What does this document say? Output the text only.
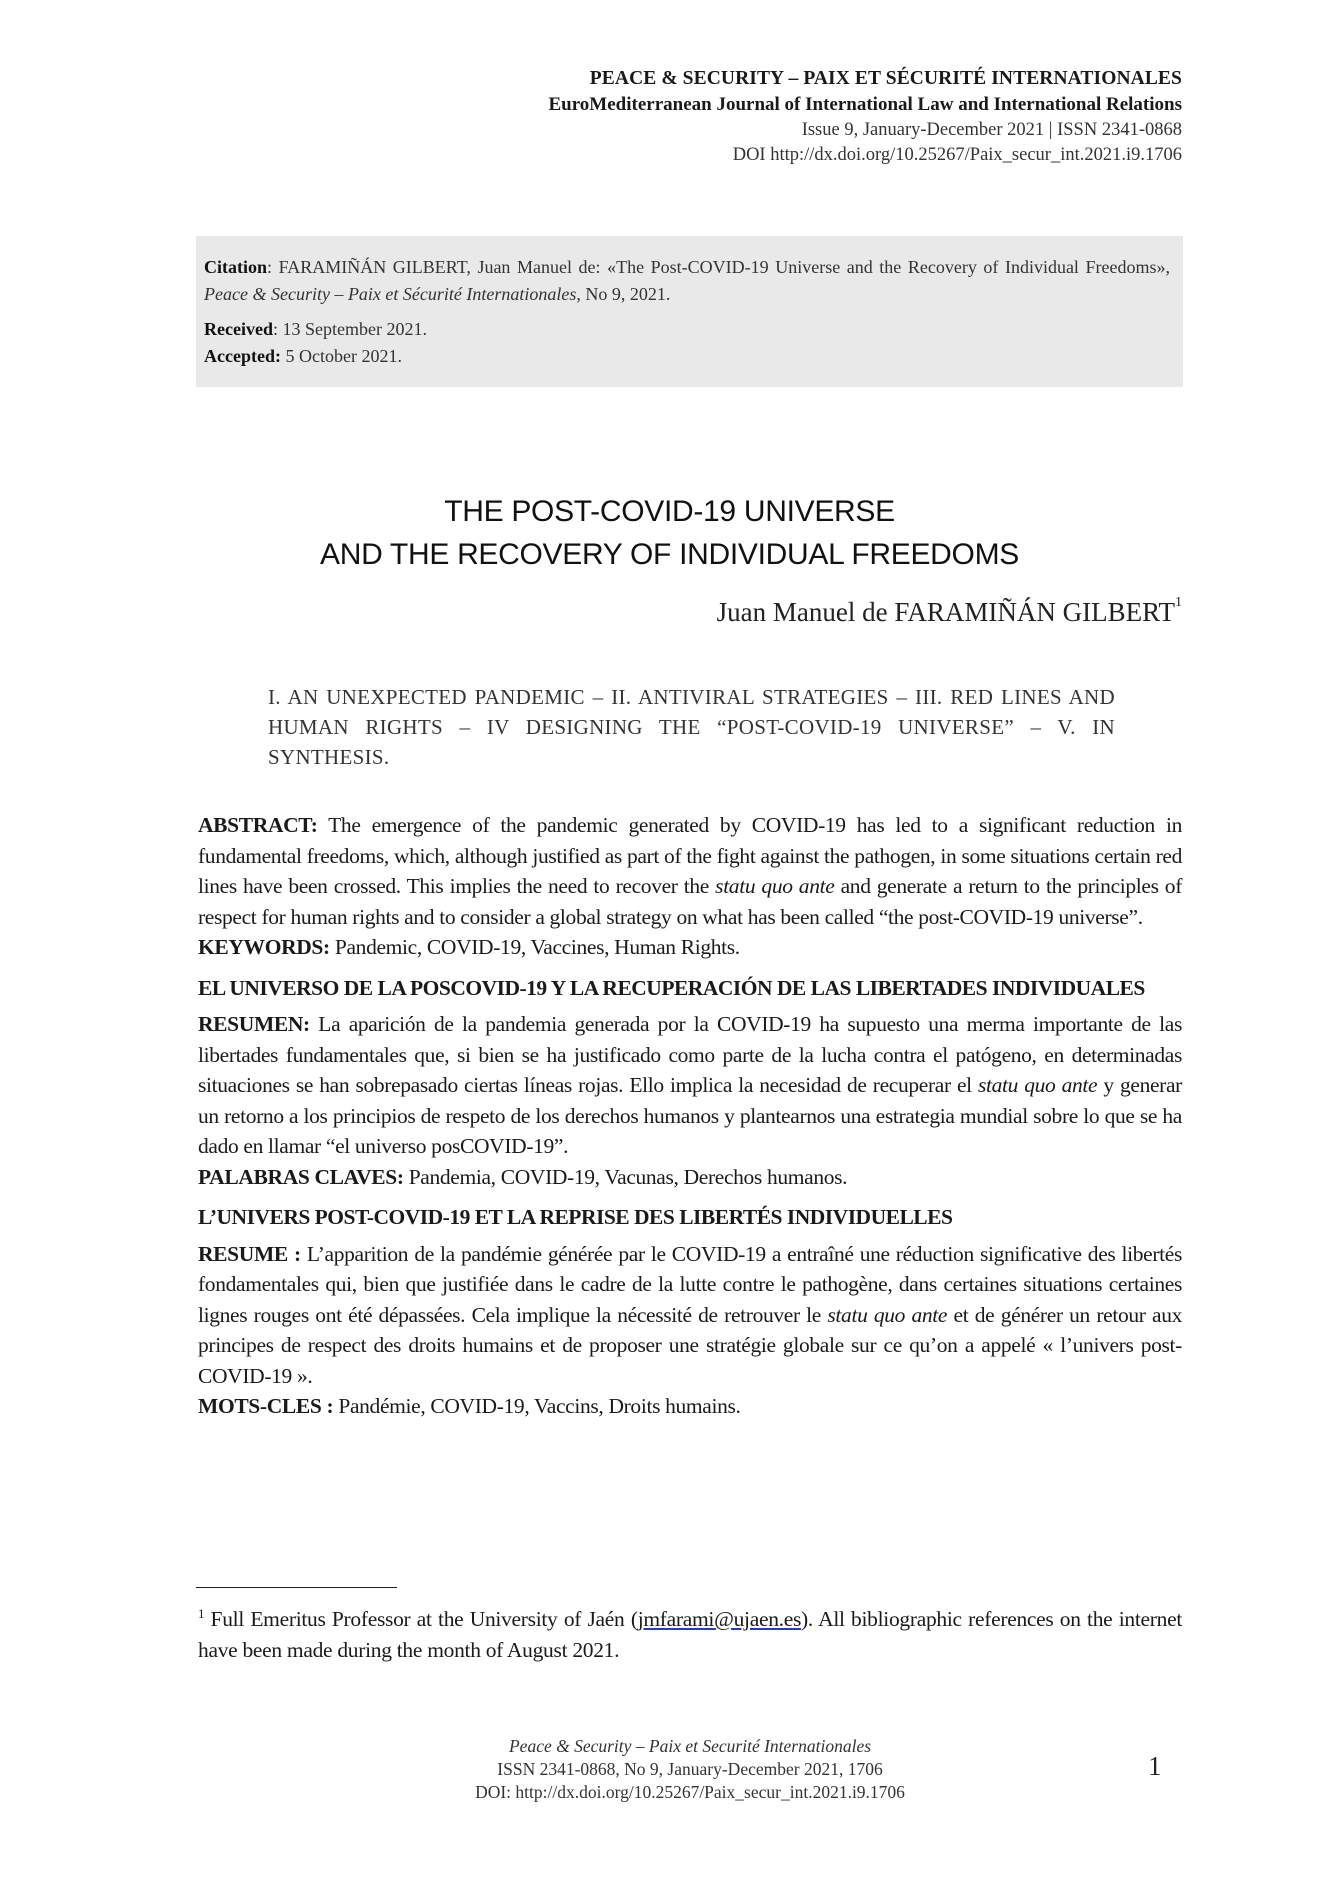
PEACE & SECURITY – PAIX ET SÉCURITÉ INTERNATIONALES
EuroMediterranean Journal of International Law and International Relations
Issue 9, January-December 2021 | ISSN 2341-0868
DOI http://dx.doi.org/10.25267/Paix_secur_int.2021.i9.1706
Citation: FARAMIÑÁN GILBERT, Juan Manuel de: «The Post-COVID-19 Universe and the Recovery of Individual Freedoms», Peace & Security – Paix et Sécurité Internationales, No 9, 2021.
Received: 13 September 2021.
Accepted: 5 October 2021.
THE POST-COVID-19 UNIVERSE
AND THE RECOVERY OF INDIVIDUAL FREEDOMS
Juan Manuel de FARAMIÑÁN GILBERT$^1$
I. AN UNEXPECTED PANDEMIC – II. ANTIVIRAL STRATEGIES – III. RED LINES AND HUMAN RIGHTS – IV DESIGNING THE “POST-COVID-19 UNIVERSE” – V. IN SYNTHESIS.

ABSTRACT: The emergence of the pandemic generated by COVID-19 has led to a significant reduction in fundamental freedoms, which, although justified as part of the fight against the pathogen, in some situations certain red lines have been crossed. This implies the need to recover the statu quo ante and generate a return to the principles of respect for human rights and to consider a global strategy on what has been called “the post-COVID-19 universe”.

KEYWORDS: Pandemic, COVID-19, Vaccines, Human Rights.

EL UNIVERSO DE LA POSCOVID-19 Y LA RECUPERACIÓN DE LAS LIBERTADES INDIVIDUALES

RESUMEN: La aparición de la pandemia generada por la COVID-19 ha supuesto una merma importante de las libertades fundamentales que, si bien se ha justificado como parte de la lucha contra el patógeno, en determinadas situaciones se han sobrepasado ciertas líneas rojas. Ello implica la necesidad de recuperar el statu quo ante y generar un retorno a los principios de respeto de los derechos humanos y plantearnos una estrategia mundial sobre lo que se ha dado en llamar “el universo posCOVID-19”.

PALABRAS CLAVES: Pandemia, COVID-19, Vacunas, Derechos humanos.

L’UNIVERS POST-COVID-19 ET LA REPRISE DES LIBERTÉS INDIVIDUELLES

RESUME : L’apparition de la pandémie générée par le COVID-19 a entraîné une réduction significative des libertés fondamentales qui, bien que justifiée dans le cadre de la lutte contre le pathogène, dans certaines situations certaines lignes rouges ont été dépassées. Cela implique la nécessité de retrouver le statu quo ante et de générer un retour aux principes de respect des droits humains et de proposer une stratégie globale sur ce qu’on a appelé « l’univers post-COVID-19 ».

MOTS-CLES : Pandémie, COVID-19, Vaccins, Droits humains.

$^1$ Full Emeritus Professor at the University of Jaén (jmfarami@ujaen.es). All bibliographic references on the internet have been made during the month of August 2021.
Peace & Security – Paix et Securité Internationales
ISSN 2341-0868, No 9, January-December 2021, 1706
DOI: http://dx.doi.org/10.25267/Paix_secur_int.2021.i9.1706
1
